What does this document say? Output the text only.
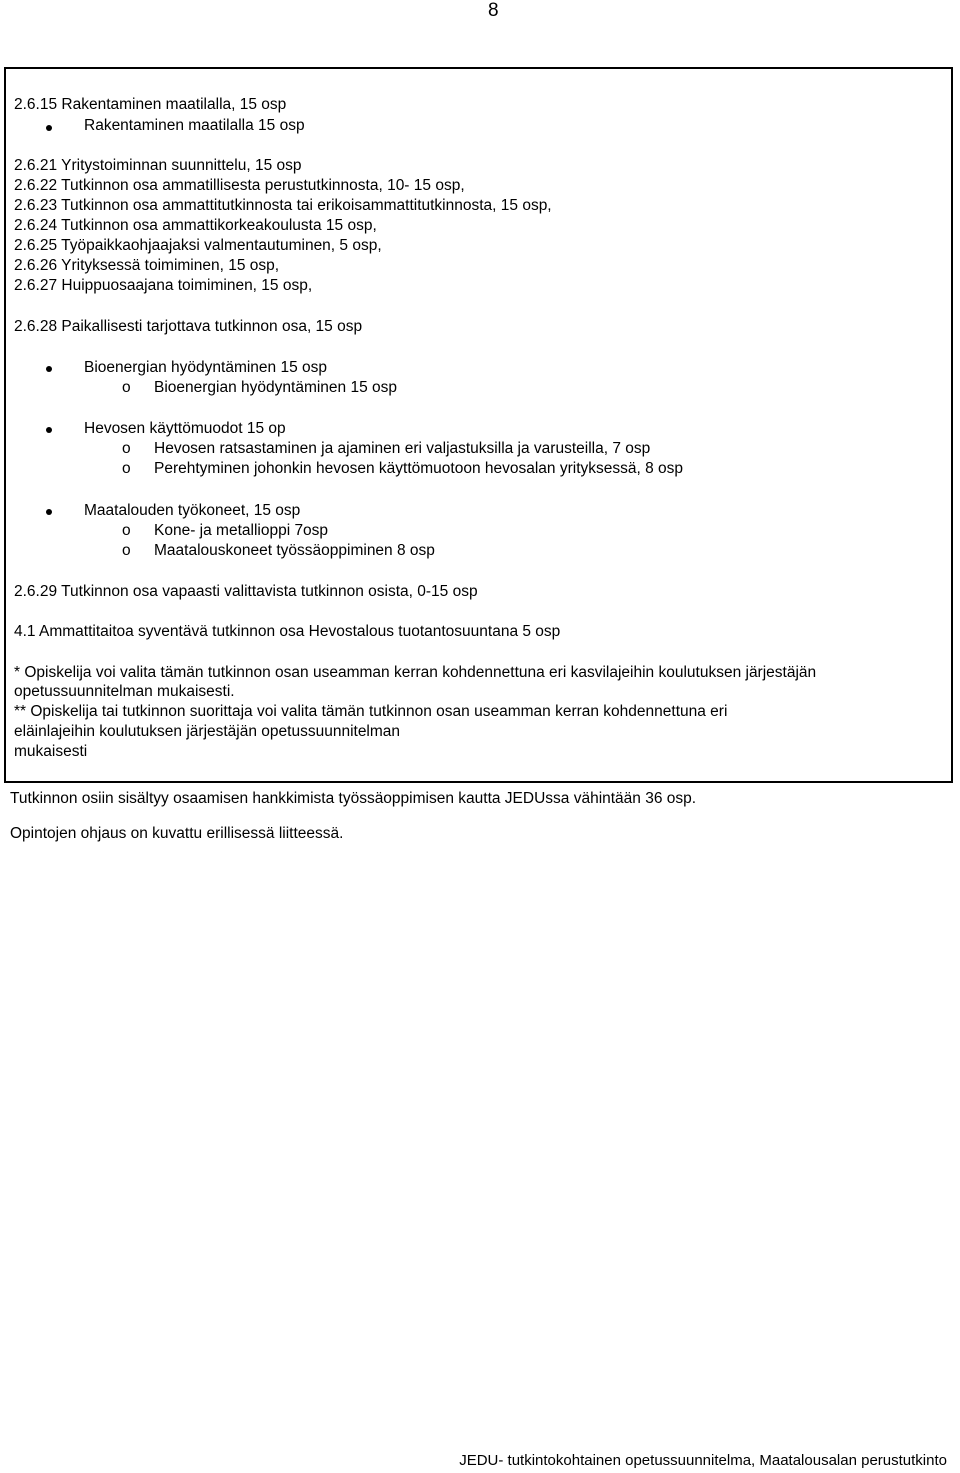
8
2.6.15 Rakentaminen maatilalla, 15 osp
Rakentaminen maatilalla 15 osp
2.6.21 Yritystoiminnan suunnittelu, 15 osp
2.6.22 Tutkinnon osa ammatillisesta perustutkinnosta, 10- 15 osp,
2.6.23 Tutkinnon osa ammattitutkinnosta tai erikoisammattitutkinnosta, 15 osp,
2.6.24 Tutkinnon osa ammattikorkeakoulusta 15 osp,
2.6.25 Työpaikkaohjaajaksi valmentautuminen, 5 osp,
2.6.26 Yrityksessä toimiminen, 15 osp,
2.6.27 Huippuosaajana toimiminen, 15 osp,
2.6.28 Paikallisesti tarjottava tutkinnon osa, 15 osp
Bioenergian hyödyntäminen 15 osp
o Bioenergian hyödyntäminen 15 osp
Hevosen käyttömuodot 15 op
o Hevosen ratsastaminen ja ajaminen eri valjastuksilla ja varusteilla, 7 osp
o Perehtyminen johonkin hevosen käyttömuotoon hevosalan yrityksessä, 8 osp
Maatalouden työkoneet, 15 osp
o Kone- ja metallioppi 7osp
o Maatalouskoneet työssäoppiminen 8 osp
2.6.29 Tutkinnon osa vapaasti valittavista tutkinnon osista, 0-15 osp
4.1 Ammattitaitoa syventävä tutkinnon osa Hevostalous tuotantosuuntana 5 osp
* Opiskelija voi valita tämän tutkinnon osan useamman kerran kohdennettuna eri kasvilajeihin koulutuksen järjestäjän
opetussuunnitelman mukaisesti.
** Opiskelija tai tutkinnon suorittaja voi valita tämän tutkinnon osan useamman kerran kohdennettuna eri
eläinlajeihin koulutuksen järjestäjän opetussuunnitelman
mukaisesti
Tutkinnon osiin sisältyy osaamisen hankkimista työssäoppimisen kautta JEDUssa vähintään 36 osp.
Opintojen ohjaus on kuvattu erillisessä liitteessä.
JEDU- tutkintokohtainen opetussuunnitelma, Maatalousalan perustutkinto
